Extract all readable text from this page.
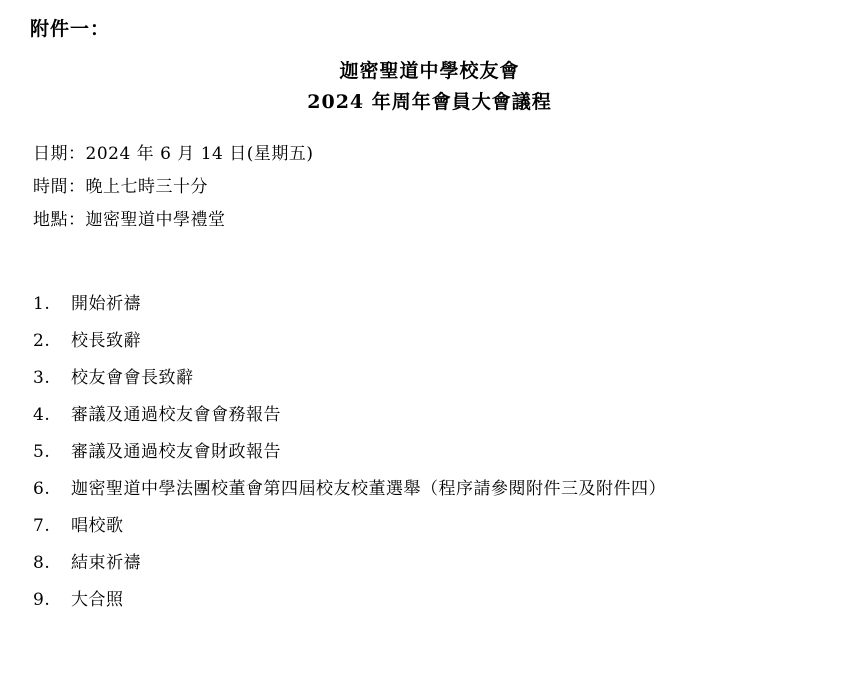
附件一：
迦密聖道中學校友會
2024 年周年會員大會議程
日期：2024 年 6 月 14 日(星期五)
時間：晚上七時三十分
地點：迦密聖道中學禮堂
1.	開始祈禱
2.	校長致辭
3.	校友會會長致辭
4.	審議及通過校友會會務報告
5.	審議及通過校友會財政報告
6.	迦密聖道中學法團校董會第四屆校友校董選舉（程序請參閱附件三及附件四）
7.	唱校歌
8.	結束祈禱
9.	大合照
